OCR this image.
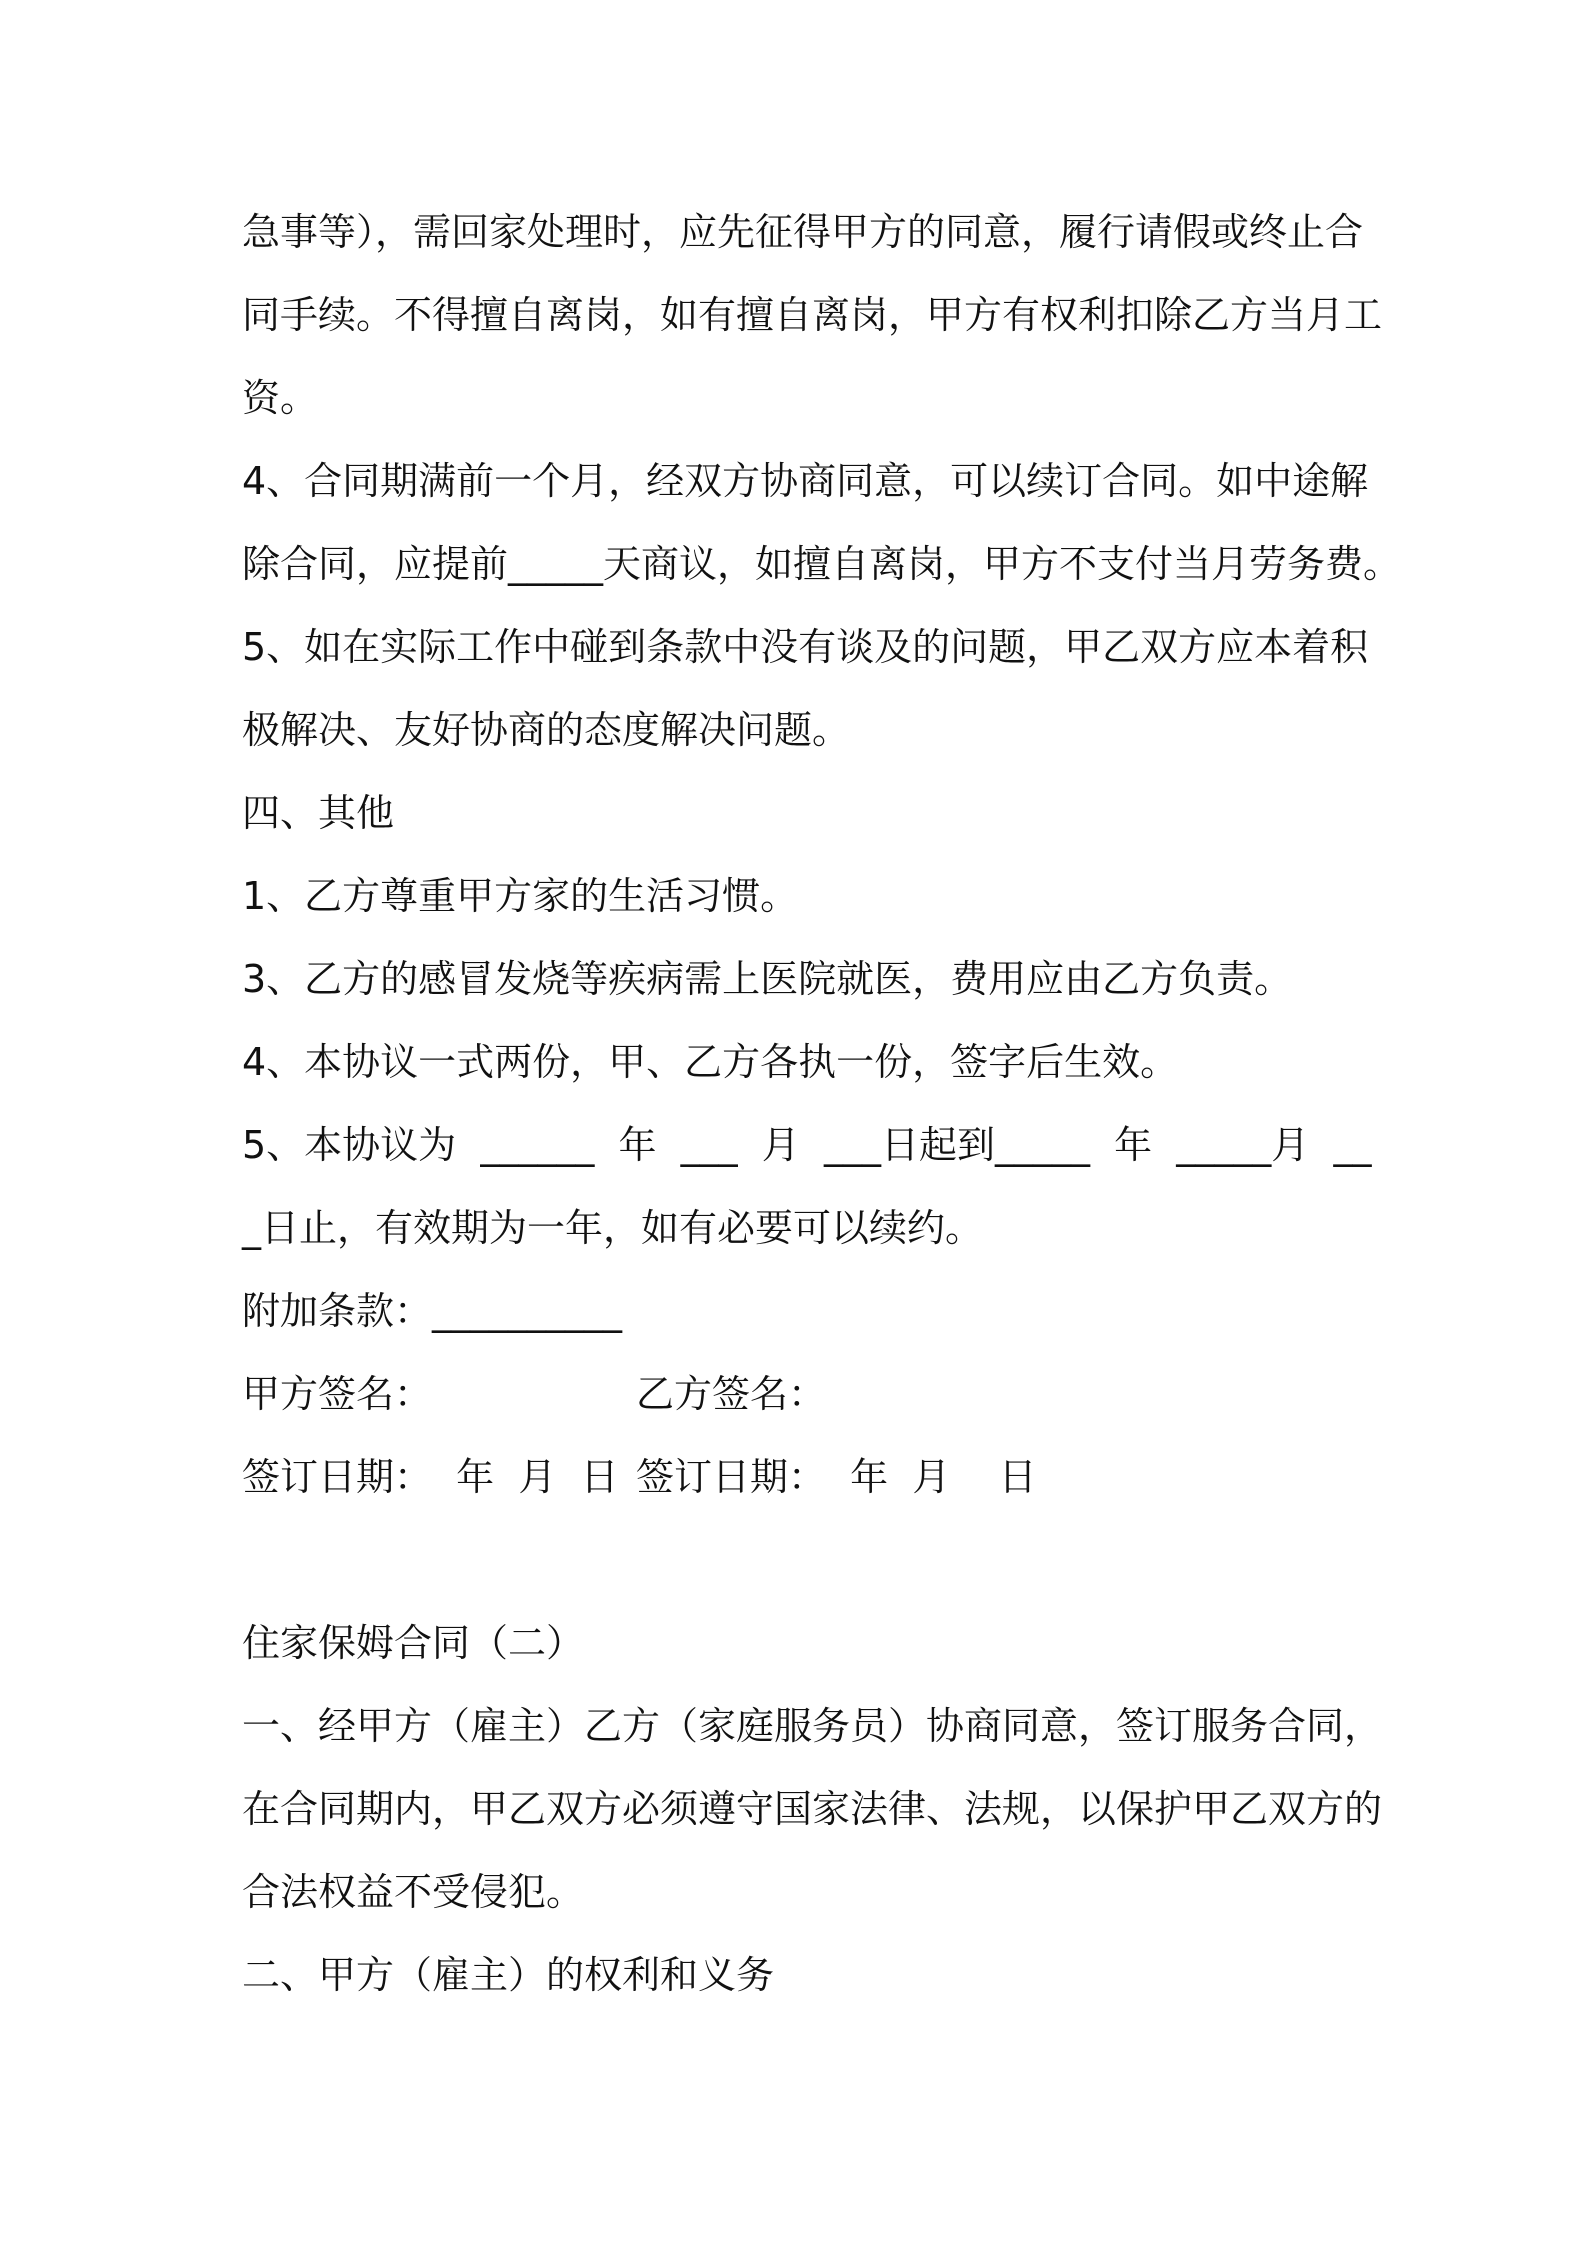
急事等），需回家处理时，应先征得甲方的同意，履行请假或终止合
同手续。不得擅自离岗，如有擅自离岗，甲方有权利扣除乙方当月工
资。
4、合同期满前一个月，经双方协商同意，可以续订合同。如中途解
除合同，应提前_____天商议，如擅自离岗，甲方不支付当月劳务费。
5、如在实际工作中碰到条款中没有谈及的问题，甲乙双方应本着积
极解决、友好协商的态度解决问题。
四、其他
1、乙方尊重甲方家的生活习惯。
3、乙方的感冒发烧等疾病需上医院就医，费用应由乙方负责。
4、本协议一式两份，甲、乙方各执一份，签字后生效。
5、本协议为  ______  年  ___  月  ___日起到_____  年  _____月  __
_日止，有效期为一年，如有必要可以续约。
附加条款：__________
甲方签名：	乙方签名：
签订日期：  年  月  日 签订日期：  年  月    日
住家保姆合同（二）
一、经甲方（雇主）乙方（家庭服务员）协商同意，签订服务合同，
在合同期内，甲乙双方必须遵守国家法律、法规，以保护甲乙双方的
合法权益不受侵犯。
二、甲方（雇主）的权利和义务
